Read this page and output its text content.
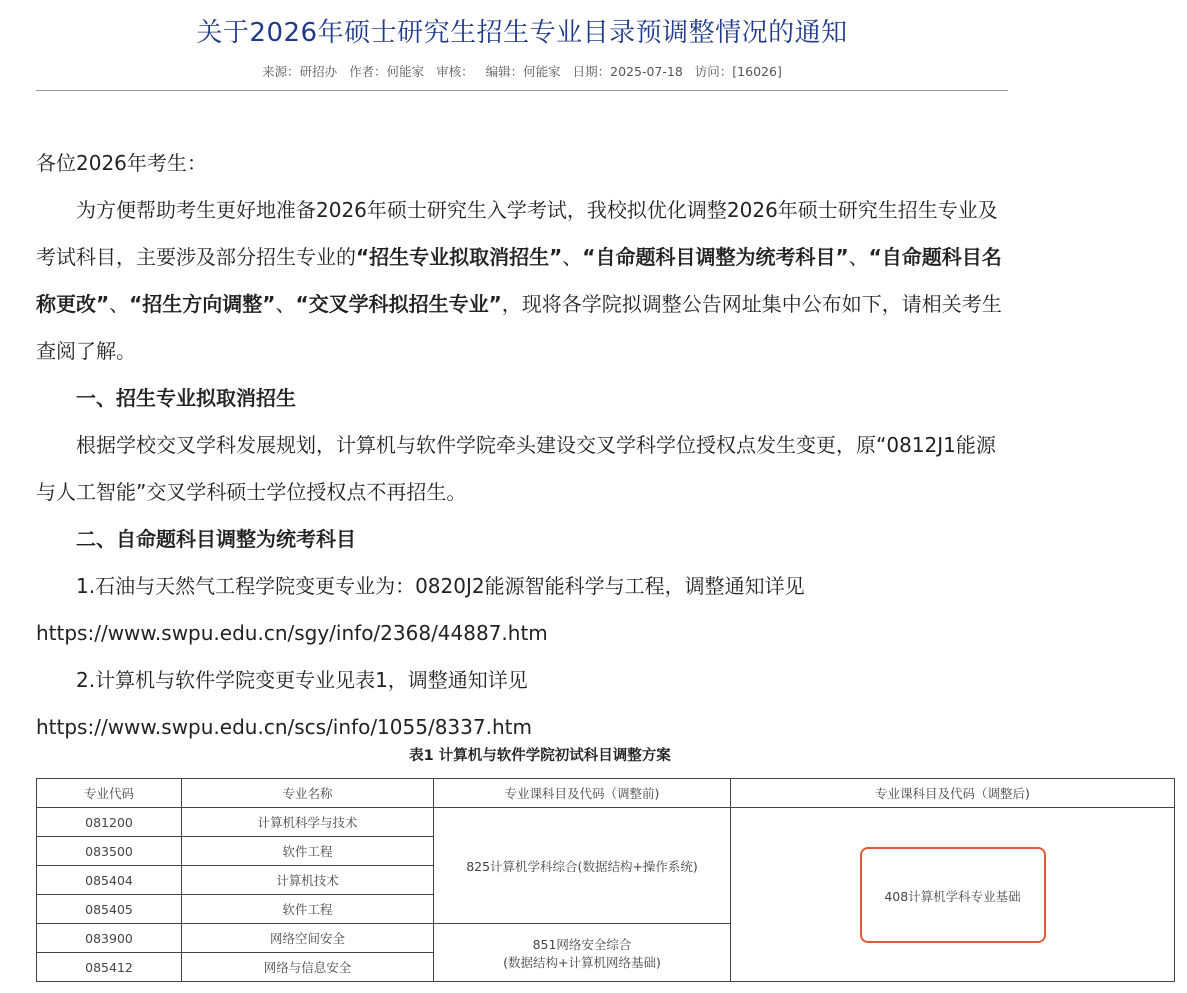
关于2026年硕士研究生招生专业目录预调整情况的通知
来源：研招办 作者：何能家 审核： 编辑：何能家 日期：2025-07-18 访问：[16026]

各位2026年考生：

为方便帮助考生更好地准备2026年硕士研究生入学考试，我校拟优化调整2026年硕士研究生招生专业及考试科目，主要涉及部分招生专业的“招生专业拟取消招生”、“自命题科目调整为统考科目”、“自命题科目名称更改”、“招生方向调整”、“交叉学科拟招生专业”，现将各学院拟调整公告网址集中公布如下，请相关考生查阅了解。

一、招生专业拟取消招生

根据学校交叉学科发展规划，计算机与软件学院牵头建设交叉学科学位授权点发生变更，原“0812J1能源与人工智能”交叉学科硕士学位授权点不再招生。

二、自命题科目调整为统考科目

1.石油与天然气工程学院变更专业为：0820J2能源智能科学与工程，调整通知详见https://www.swpu.edu.cn/sgy/info/2368/44887.htm

2.计算机与软件学院变更专业见表1，调整通知详见https://www.swpu.edu.cn/scs/info/1055/8337.htm

表1 计算机与软件学院初试科目调整方案
专业代码	专业名称	专业课科目及代码（调整前)	专业课科目及代码（调整后)
081200	计算机科学与技术	825计算机学科综合(数据结构+操作系统)	408计算机学科专业基础
083500	软件工程		
085404	计算机技术		
085405	软件工程		
083900	网络空间安全	851网络安全综合
(数据结构+计算机网络基础)	

085412	网络与信息安全		
